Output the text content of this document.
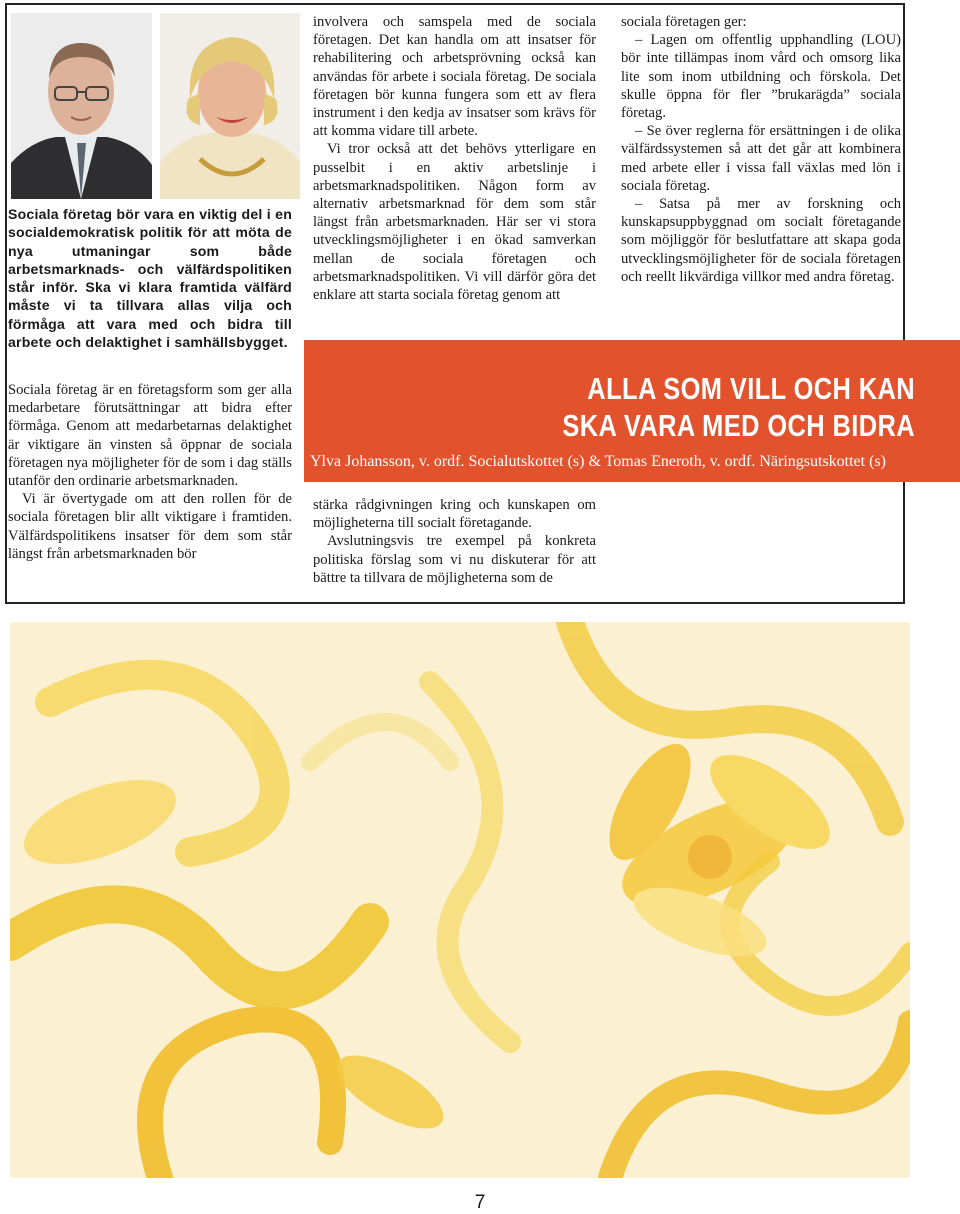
Sociala företag bör vara en viktig del i en socialdemokratisk politik för att möta de nya utmaningar som både arbetsmarknads- och välfärdspolitiken står inför. Ska vi klara framtida välfärd måste vi ta tillvara allas vilja och förmåga att vara med och bidra till arbete och delaktighet i samhällsbygget.

Sociala företag är en företagsform som ger alla medarbetare förutsättningar att bidra efter förmåga. Genom att medarbetarnas delaktighet är viktigare än vinsten så öppnar de sociala företagen nya möjligheter för de som i dag ställs utanför den ordinarie arbetsmarknaden.

Vi är övertygade om att den rollen för de sociala företagen blir allt viktigare i framtiden. Välfärdspolitikens insatser för dem som står längst från arbetsmarknaden bör

involvera och samspela med de sociala företagen. Det kan handla om att insatser för rehabilitering och arbetsprövning också kan användas för arbete i sociala företag. De sociala företagen bör kunna fungera som ett av flera instrument i den kedja av insatser som krävs för att komma vidare till arbete.

Vi tror också att det behövs ytterligare en pusselbit i en aktiv arbetslinje i arbetsmarknadspolitiken. Någon form av alternativ arbetsmarknad för dem som står längst från arbetsmarknaden. Här ser vi stora utvecklingsmöjligheter i en ökad samverkan mellan de sociala företagen och arbetsmarknadspolitiken. Vi vill därför göra det enklare att starta sociala företag genom att

sociala företagen ger:

– Lagen om offentlig upphandling (LOU) bör inte tillämpas inom vård och omsorg lika lite som inom utbildning och förskola. Det skulle öppna för fler ”brukarägda” sociala företag.

– Se över reglerna för ersättningen i de olika välfärdssystemen så att det går att kombinera med arbete eller i vissa fall växlas med lön i sociala företag.

– Satsa på mer av forskning och kunskapsuppbyggnad om socialt företagande som möjliggör för beslutfattare att skapa goda utvecklingsmöjligheter för de sociala företagen och reellt likvärdiga villkor med andra företag.

ALLA SOM VILL OCH KAN
SKA VARA MED OCH BIDRA
Ylva Johansson, v. ordf. Socialutskottet (s) & Tomas Eneroth, v. ordf. Näringsutskottet (s)

stärka rådgivningen kring och kunskapen om möjligheterna till socialt företagande.

Avslutningsvis tre exempel på konkreta politiska förslag som vi nu diskuterar för att bättre ta tillvara de möjligheterna som de

7
